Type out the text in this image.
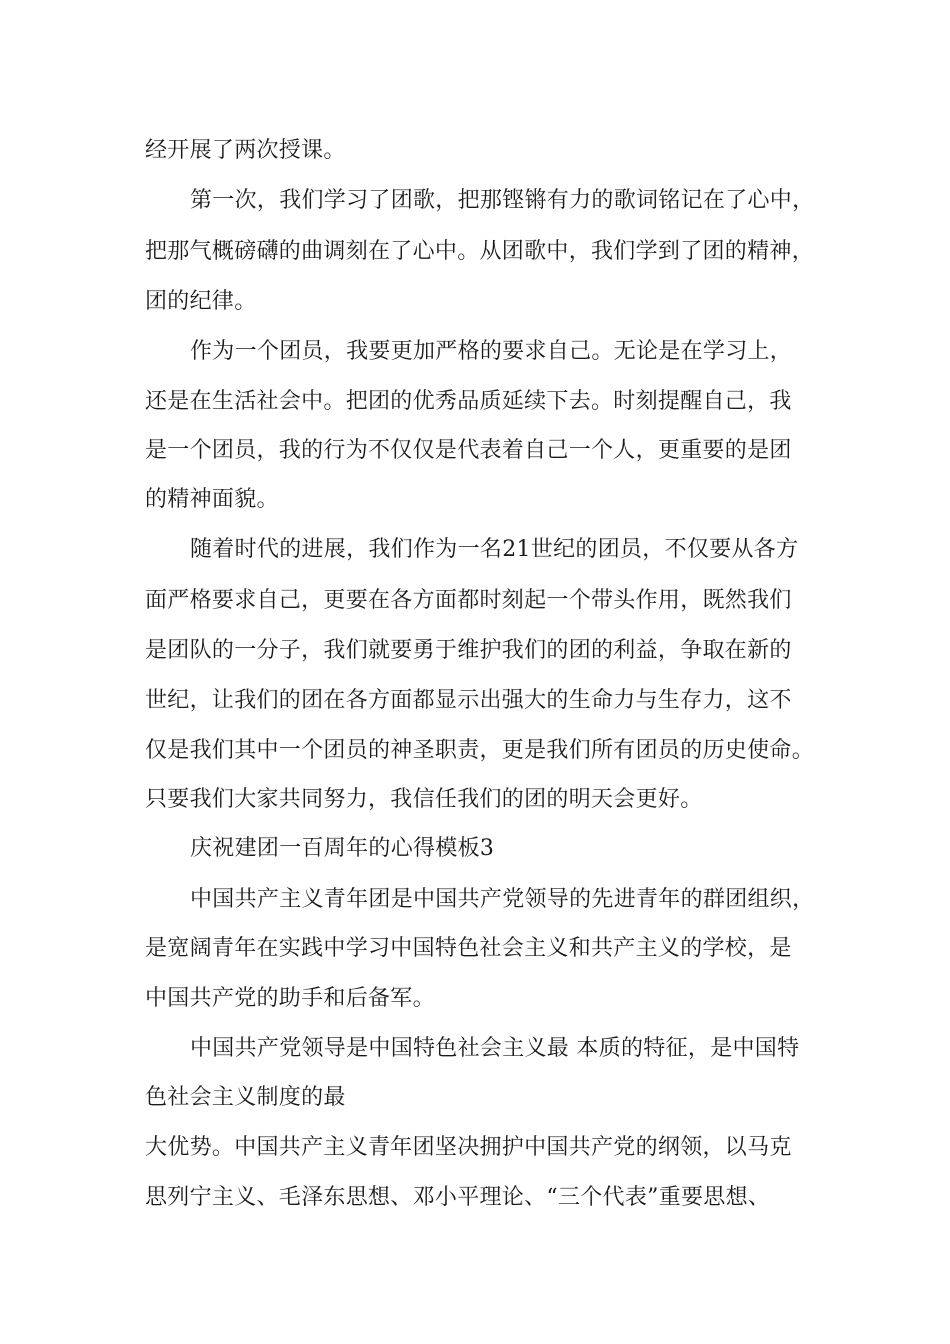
经开展了两次授课。
第一次，我们学习了团歌，把那铿锵有力的歌词铭记在了心中，
把那气概磅礴的曲调刻在了心中。从团歌中，我们学到了团的精神，
团的纪律。
作为一个团员，我要更加严格的要求自己。无论是在学习上，
还是在生活社会中。把团的优秀品质延续下去。时刻提醒自己，我
是一个团员，我的行为不仅仅是代表着自己一个人，更重要的是团
的精神面貌。
随着时代的进展，我们作为一名21世纪的团员，不仅要从各方
面严格要求自己，更要在各方面都时刻起一个带头作用，既然我们
是团队的一分子，我们就要勇于维护我们的团的利益，争取在新的
世纪，让我们的团在各方面都显示出强大的生命力与生存力，这不
仅是我们其中一个团员的神圣职责，更是我们所有团员的历史使命。
只要我们大家共同努力，我信任我们的团的明天会更好。
庆祝建团一百周年的心得模板3
中国共产主义青年团是中国共产党领导的先进青年的群团组织，
是宽阔青年在实践中学习中国特色社会主义和共产主义的学校，是
中国共产党的助手和后备军。
中国共产党领导是中国特色社会主义最 本质的特征，是中国特
色社会主义制度的最
大优势。中国共产主义青年团坚决拥护中国共产党的纲领，以马克
思列宁主义、毛泽东思想、邓小平理论、“三个代表”重要思想、
